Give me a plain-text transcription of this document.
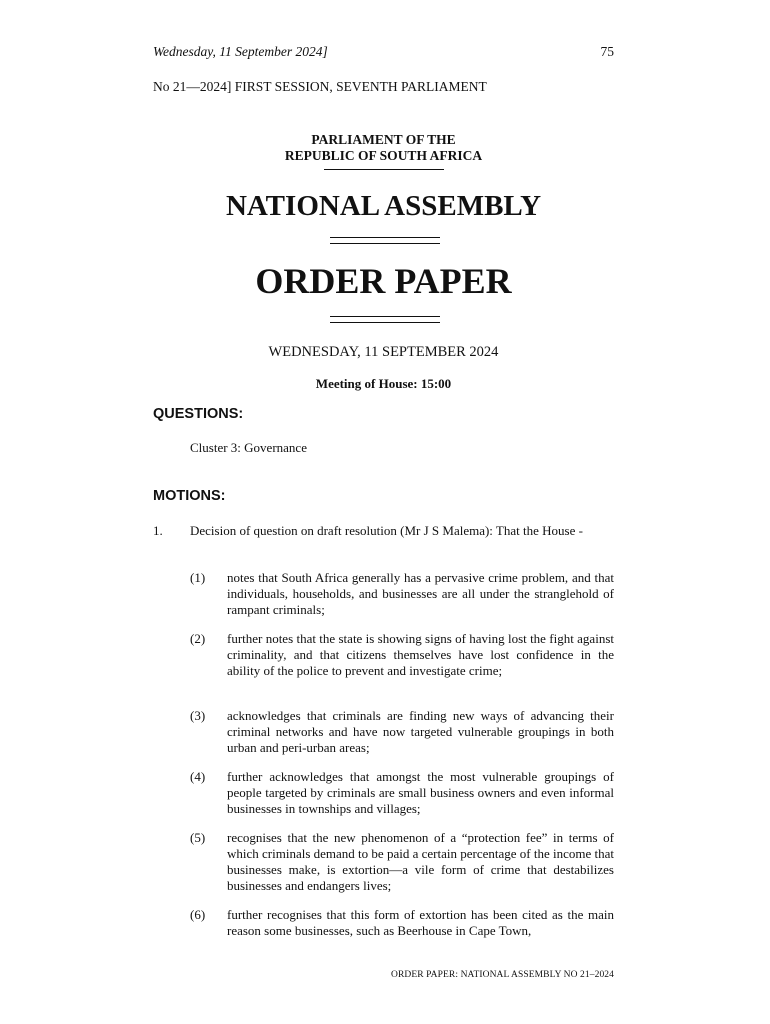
Wednesday, 11 September 2024]	75
No 21—2024] FIRST SESSION, SEVENTH PARLIAMENT
PARLIAMENT OF THE
REPUBLIC OF SOUTH AFRICA
NATIONAL ASSEMBLY
ORDER PAPER
WEDNESDAY, 11 SEPTEMBER 2024
Meeting of House: 15:00
QUESTIONS:
Cluster 3: Governance
MOTIONS:
1. Decision of question on draft resolution (Mr J S Malema): That the House -
(1) notes that South Africa generally has a pervasive crime problem, and that individuals, households, and businesses are all under the stranglehold of rampant criminals;
(2) further notes that the state is showing signs of having lost the fight against criminality, and that citizens themselves have lost confidence in the ability of the police to prevent and investigate crime;
(3) acknowledges that criminals are finding new ways of advancing their criminal networks and have now targeted vulnerable groupings in both urban and peri-urban areas;
(4) further acknowledges that amongst the most vulnerable groupings of people targeted by criminals are small business owners and even informal businesses in townships and villages;
(5) recognises that the new phenomenon of a “protection fee” in terms of which criminals demand to be paid a certain percentage of the income that businesses make, is extortion—a vile form of crime that destabilizes businesses and endangers lives;
(6) further recognises that this form of extortion has been cited as the main reason some businesses, such as Beerhouse in Cape Town,
ORDER PAPER: NATIONAL ASSEMBLY NO 21–2024
